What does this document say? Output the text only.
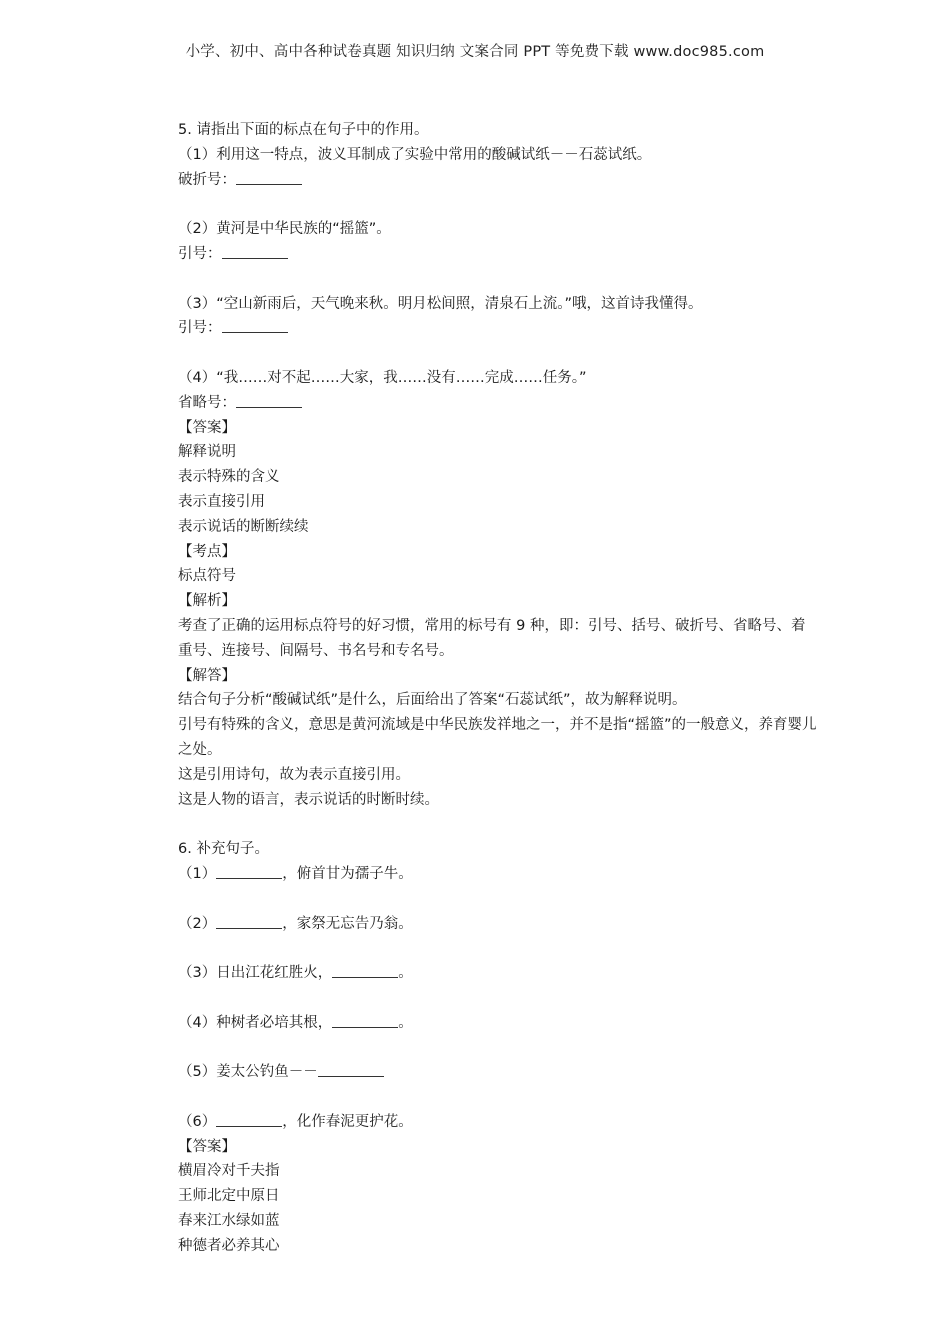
小学、初中、高中各种试卷真题 知识归纳 文案合同 PPT 等免费下载 www.doc985.com
5. 请指出下面的标点在句子中的作用。
（1）利用这一特点，波义耳制成了实验中常用的酸碱试纸－－石蕊试纸。
破折号：
（2）黄河是中华民族的“摇篮”。
引号：
（3）“空山新雨后，天气晚来秋。明月松间照，清泉石上流。”哦，这首诗我懂得。
引号：
（4）“我……对不起……大家，我……没有……完成……任务。”
省略号：
【答案】
解释说明
表示特殊的含义
表示直接引用
表示说话的断断续续
【考点】
标点符号
【解析】
考查了正确的运用标点符号的好习惯，常用的标号有 9 种，即：引号、括号、破折号、省略号、着重号、连接号、间隔号、书名号和专名号。
【解答】
结合句子分析“酸碱试纸”是什么，后面给出了答案“石蕊试纸”，故为解释说明。
引号有特殊的含义，意思是黄河流域是中华民族发祥地之一，并不是指“摇篮”的一般意义，养育婴儿之处。
这是引用诗句，故为表示直接引用。
这是人物的语言，表示说话的时断时续。
6. 补充句子。
（1）	，俯首甘为孺子牛。
（2）	，家祭无忘告乃翁。
（3）日出江花红胜火，	。
（4）种树者必培其根，	。
（5）姜太公钓鱼－－
（6）	，化作春泥更护花。
【答案】
横眉冷对千夫指
王师北定中原日
春来江水绿如蓝
种德者必养其心
